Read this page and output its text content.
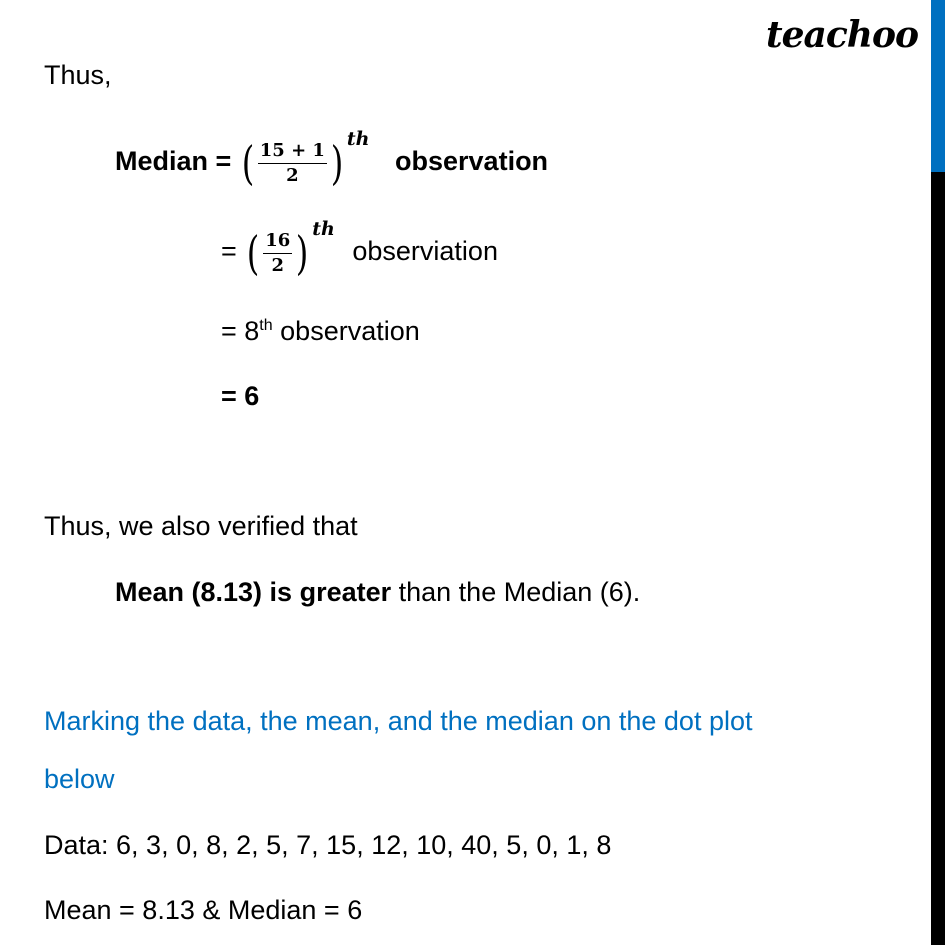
teachoo
Thus,
Median = ( $\frac{15 + 1}{2}$ ) th
observation
= ( $\frac{16}{2}$ ) th
observiation
= 8th observation
= 6
Thus, we also verified that
Mean (8.13) is greater than the Median (6).
Marking the data, the mean, and the median on the dot plot
below
Data: 6, 3, 0, 8, 2, 5, 7, 15, 12, 10, 40, 5, 0, 1, 8
Mean = 8.13 & Median = 6
